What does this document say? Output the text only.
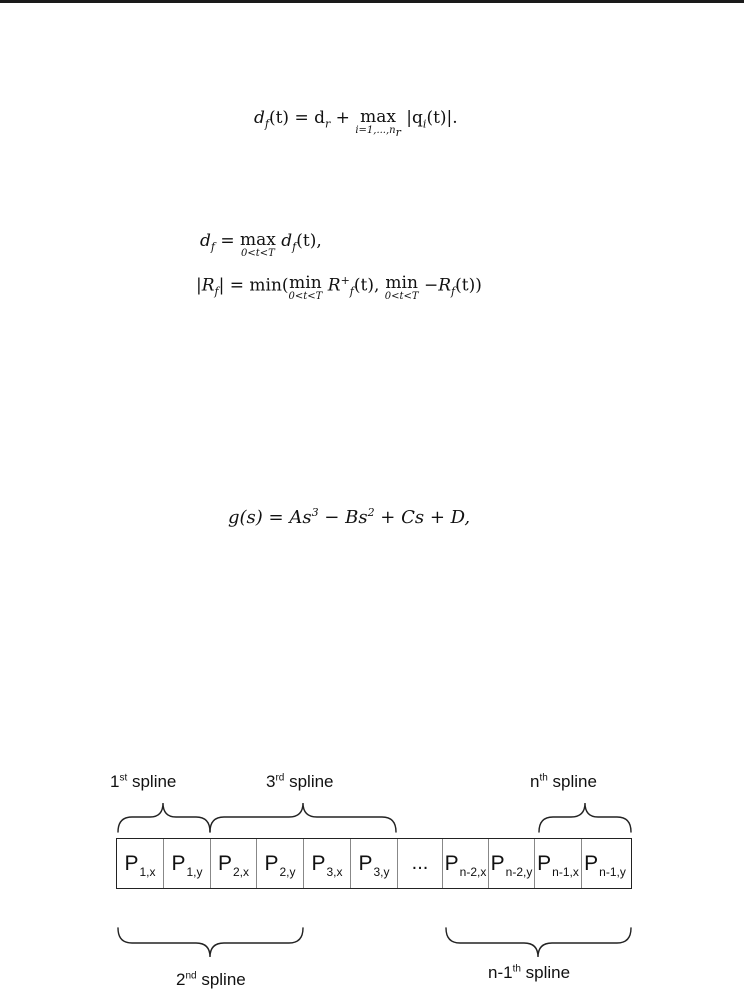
$d_f(t) = d_r + \max$
$i=1,...,n_r$
$|q_i(t)|$.
$d_f = \max$
0<t<T
$d_f(t)$,
$|R_f| = \min$( min
0<t<T
$R^+_f(t)$, min
0<t<T
$-R_f(t)$)
$g(s) = As^3 - Bs^2 + Cs + D$,
1st spline	3rd spline	$n^{th}$ spline
2nd spline	n-1th spline
P 1,x P 1,y P 2,x P 2,y P 3,x P 3,y ... P n-2,x P n-2,y P n-1,x P n-1,y
